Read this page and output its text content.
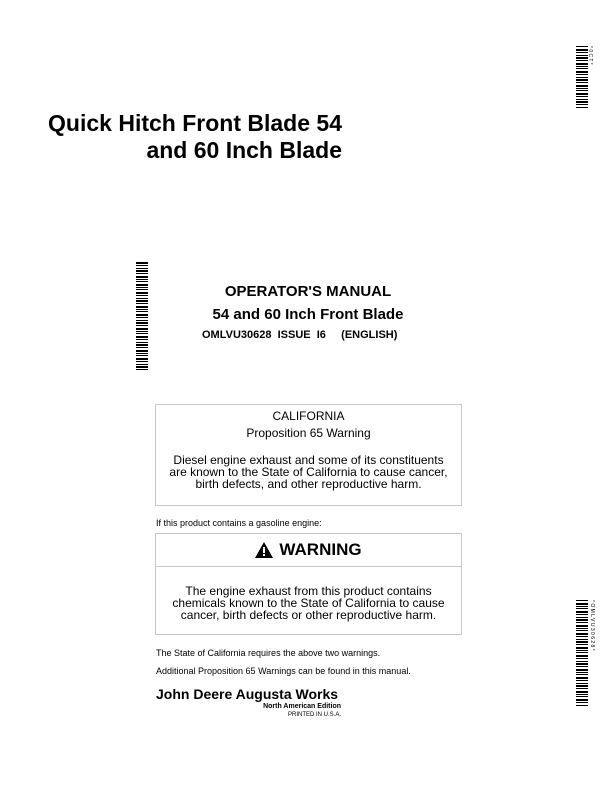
Quick Hitch Front Blade 54
and 60 Inch Blade
* 0 C T *
OPERATOR'S MANUAL
54 and 60 Inch Front Blade
OMLVU30628  ISSUE  I6     (ENGLISH)
CALIFORNIA
Proposition 65 Warning
Diesel engine exhaust and some of its constituents are known to the State of California to cause cancer, birth defects, and other reproductive harm.
If this product contains a gasoline engine:
WARNING
The engine exhaust from this product contains chemicals known to the State of California to cause cancer, birth defects or other reproductive harm.
The State of California requires the above two warnings.
Additional Proposition 65 Warnings can be found in this manual.
John Deere Augusta Works
North American Edition
PRINTED IN U.S.A.
* O M L V U 3 0 6 2 8 *
